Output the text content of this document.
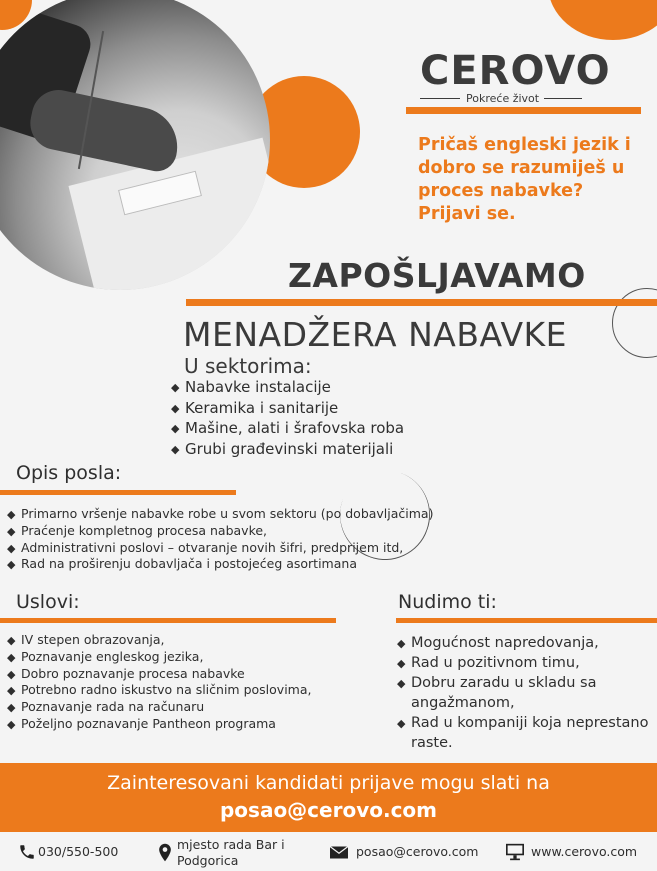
CEROVO
Pokreće život
Pričaš engleski jezik i dobro se razumiješ u proces nabavke? Prijavi se.
ZAPOŠLJAVAMO
MENADŽERA NABAVKE
U sektorima:
◆ Nabavke instalacije
◆ Keramika i sanitarije
◆ Mašine, alati i šrafovska roba
◆ Grubi građevinski materijali
Opis posla:
◆ Primarno vršenje nabavke robe u svom sektoru (po dobavljačima)
◆ Praćenje kompletnog procesa nabavke,
◆ Administrativni poslovi – otvaranje novih šifri, predprijem itd,
◆ Rad na proširenju dobavljača i postojećeg asortimana
Uslovi:
◆ IV stepen obrazovanja,
◆ Poznavanje engleskog jezika,
◆ Dobro poznavanje procesa nabavke
◆ Potrebno radno iskustvo na sličnim poslovima,
◆ Poznavanje rada na računaru
◆ Poželjno poznavanje Pantheon programa
Nudimo ti:
◆ Mogućnost napredovanja,
◆ Rad u pozitivnom timu,
◆ Dobru zaradu u skladu sa angažmanom,
◆ Rad u kompaniji koja neprestano raste.
Zainteresovani kandidati prijave mogu slati na
posao@cerovo.com
030/550-500	mjesto rada Bar i Podgorica
posao@cerovo.com	www.cerovo.com
